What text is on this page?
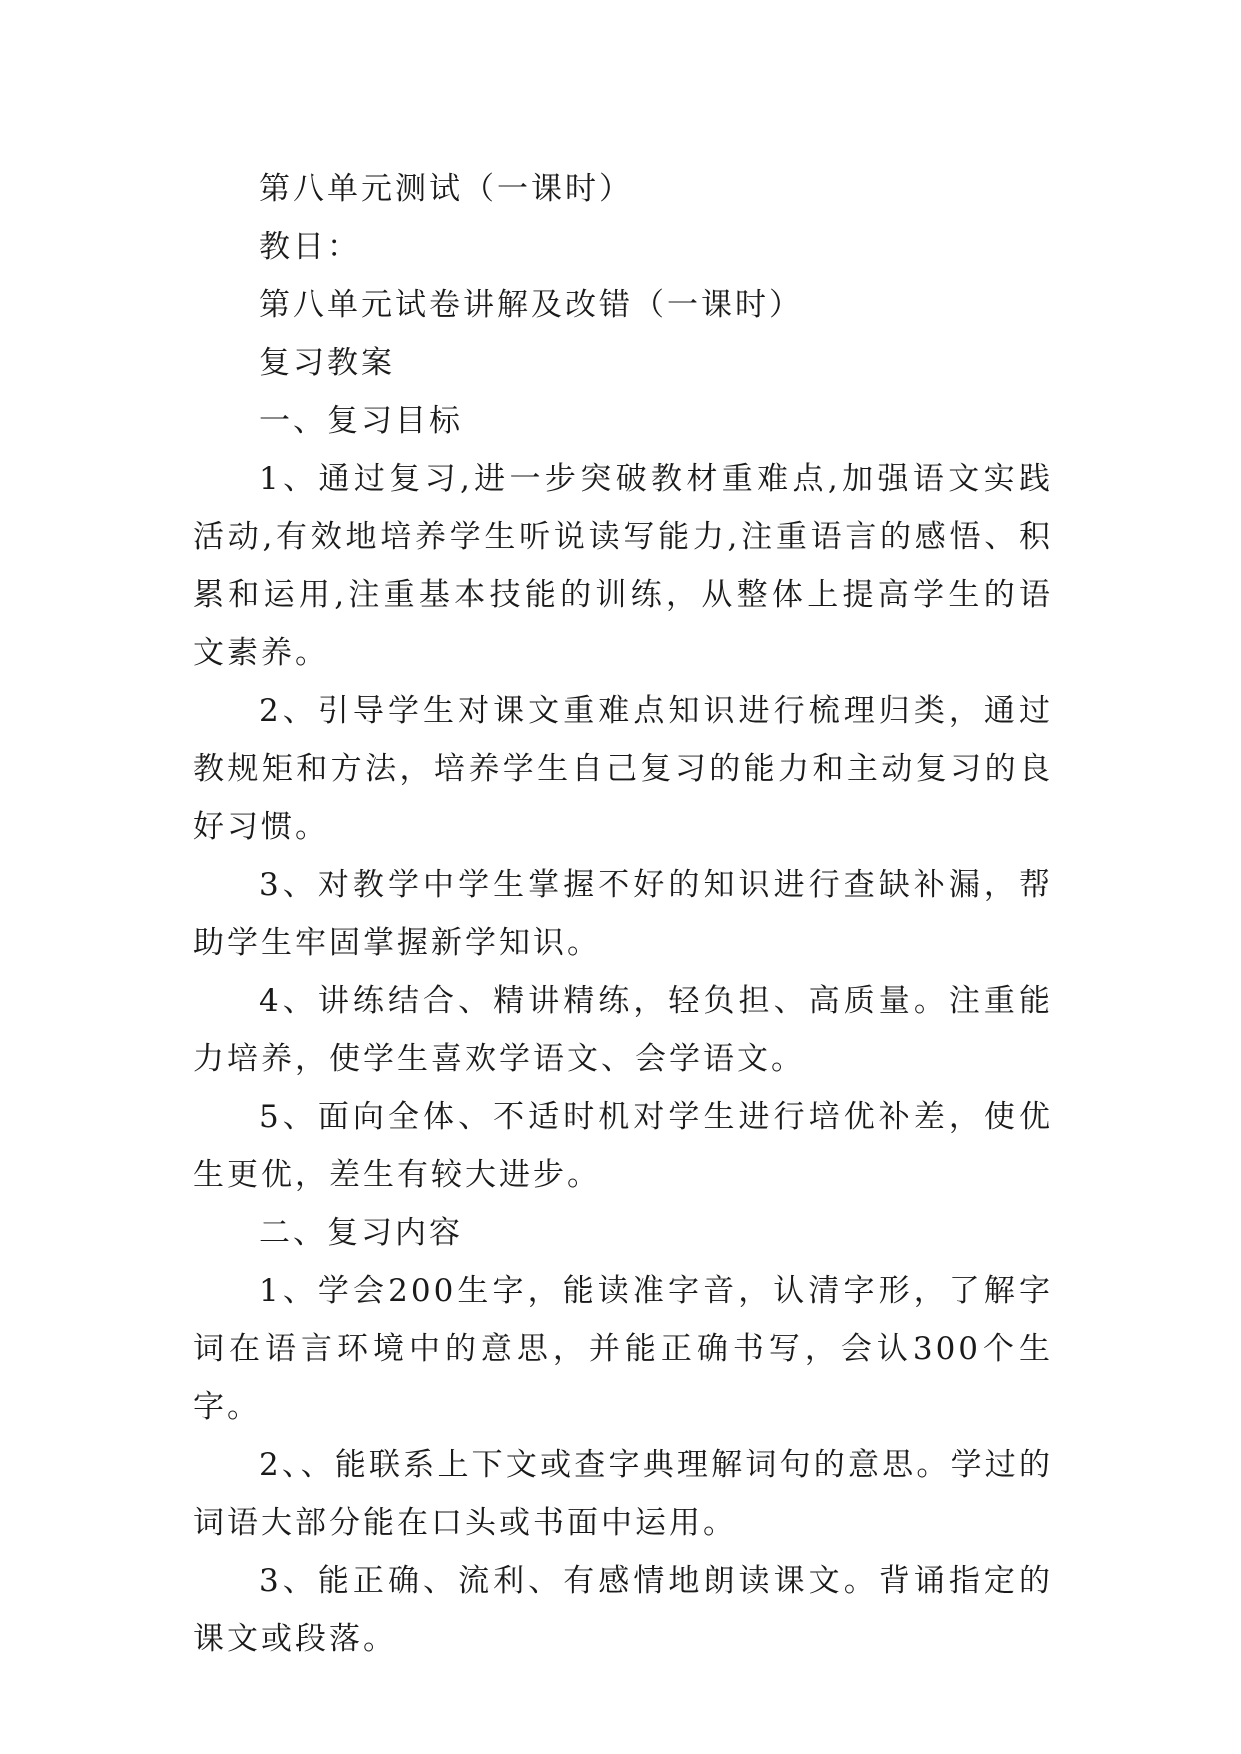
第八单元测试（一课时）

教日：

第八单元试卷讲解及改错（一课时）

复习教案

一、复习目标

1、通过复习,进一步突破教材重难点,加强语文实践活动,有效地培养学生听说读写能力,注重语言的感悟、积累和运用,注重基本技能的训练，从整体上提高学生的语文素养。

2、引导学生对课文重难点知识进行梳理归类，通过教规矩和方法，培养学生自己复习的能力和主动复习的良好习惯。

3、对教学中学生掌握不好的知识进行查缺补漏，帮助学生牢固掌握新学知识。

4、讲练结合、精讲精练，轻负担、高质量。注重能力培养，使学生喜欢学语文、会学语文。

5、面向全体、不适时机对学生进行培优补差，使优生更优，差生有较大进步。

二、复习内容

1、学会200生字，能读准字音，认清字形，了解字词在语言环境中的意思，并能正确书写，会认300个生字。

2、、能联系上下文或查字典理解词句的意思。学过的词语大部分能在口头或书面中运用。

3、能正确、流利、有感情地朗读课文。背诵指定的课文或段落。
